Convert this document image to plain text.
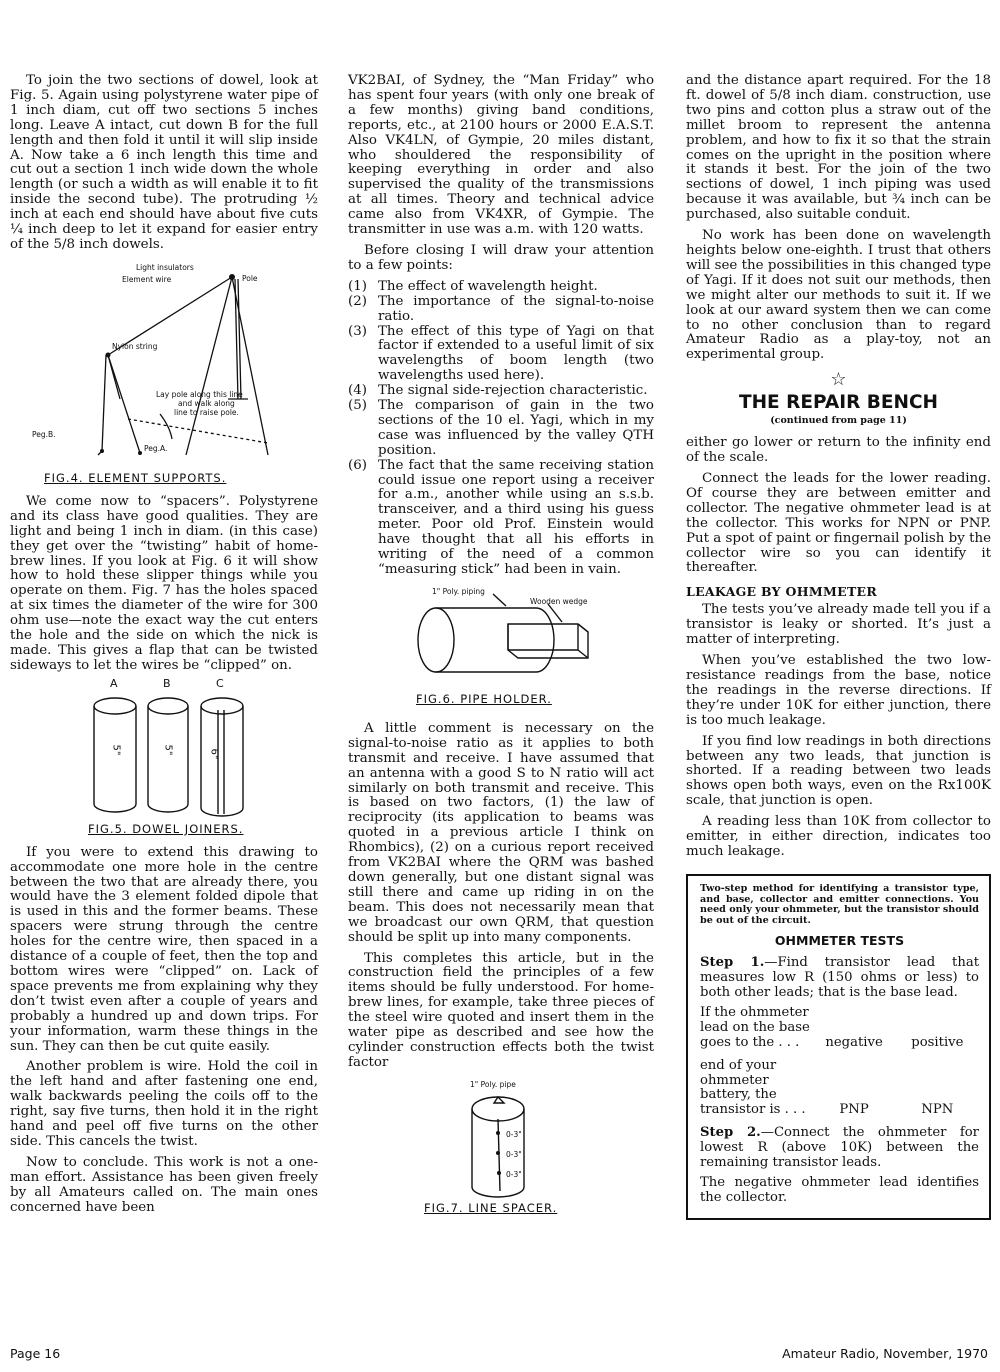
To join the two sections of dowel, look at Fig. 5. Again using polystyrene water pipe of 1 inch diam, cut off two sections 5 inches long. Leave A intact, cut down B for the full length and then fold it until it will slip inside A. Now take a 6 inch length this time and cut out a section 1 inch wide down the whole length (or such a width as will enable it to fit inside the second tube). The protruding ½ inch at each end should have about five cuts ¼ inch deep to let it expand for easier entry of the 5/8 inch dowels.

Light insulators
Element wire	Pole
Nylon string
Lay pole along this line
and walk along
line to raise pole.
Peg.B.
Peg.A.
FIG.4. ELEMENT SUPPORTS.

We come now to “spacers”. Polystyrene and its class have good qualities. They are light and being 1 inch in diam. (in this case) they get over the “twisting” habit of home-brew lines. If you look at Fig. 6 it will show how to hold these slipper things while you operate on them. Fig. 7 has the holes spaced at six times the diameter of the wire for 300 ohm use—note the exact way the cut enters the hole and the side on which the nick is made. This gives a flap that can be twisted sideways to let the wires be “clipped” on.

A	B	C
5"	5"	6"
FIG.5. DOWEL JOINERS.

If you were to extend this drawing to accommodate one more hole in the centre between the two that are already there, you would have the 3 element folded dipole that is used in this and the former beams. These spacers were strung through the centre holes for the centre wire, then spaced in a distance of a couple of feet, then the top and bottom wires were “clipped” on. Lack of space prevents me from explaining why they don’t twist even after a couple of years and probably a hundred up and down trips. For your information, warm these things in the sun. They can then be cut quite easily.

Another problem is wire. Hold the coil in the left hand and after fastening one end, walk backwards peeling the coils off to the right, say five turns, then hold it in the right hand and peel off five turns on the other side. This cancels the twist.

Now to conclude. This work is not a one-man effort. Assistance has been given freely by all Amateurs called on. The main ones concerned have been

VK2BAI, of Sydney, the “Man Friday” who has spent four years (with only one break of a few months) giving band conditions, reports, etc., at 2100 hours or 2000 E.A.S.T. Also VK4LN, of Gympie, 20 miles distant, who shouldered the responsibility of keeping everything in order and also supervised the quality of the transmissions at all times. Theory and technical advice came also from VK4XR, of Gympie. The transmitter in use was a.m. with 120 watts.

Before closing I will draw your attention to a few points:

(1) The effect of wavelength height.
(2) The importance of the signal-to-noise ratio.
(3) The effect of this type of Yagi on that factor if extended to a useful limit of six wavelengths of boom length (two wavelengths used here).
(4) The signal side-rejection characteristic.
(5) The comparison of gain in the two sections of the 10 el. Yagi, which in my case was influenced by the valley QTH position.
(6) The fact that the same receiving station could issue one report using a receiver for a.m., another while using an s.s.b. transceiver, and a third using his guess meter. Poor old Prof. Einstein would have thought that all his efforts in writing of the need of a common “measuring stick” had been in vain.
1" Poly. piping
Wooden wedge
FIG.6. PIPE HOLDER.

A little comment is necessary on the signal-to-noise ratio as it applies to both transmit and receive. I have assumed that an antenna with a good S to N ratio will act similarly on both transmit and receive. This is based on two factors, (1) the law of reciprocity (its application to beams was quoted in a previous article I think on Rhombics), (2) on a curious report received from VK2BAI where the QRM was bashed down generally, but one distant signal was still there and came up riding in on the beam. This does not necessarily mean that we broadcast our own QRM, that question should be split up into many components.

This completes this article, but in the construction field the principles of a few items should be fully understood. For home-brew lines, for example, take three pieces of the steel wire quoted and insert them in the water pipe as described and see how the cylinder construction effects both the twist factor

1" Poly. pipe
0-3"
0-3"
0-3"
FIG.7. LINE SPACER.

and the distance apart required. For the 18 ft. dowel of 5/8 inch diam. construction, use two pins and cotton plus a straw out of the millet broom to represent the antenna problem, and how to fix it so that the strain comes on the upright in the position where it stands it best. For the join of the two sections of dowel, 1 inch piping was used because it was available, but ¾ inch can be purchased, also suitable conduit.

No work has been done on wavelength heights below one-eighth. I trust that others will see the possibilities in this changed type of Yagi. If it does not suit our methods, then we might alter our methods to suit it. If we look at our award system then we can come to no other conclusion than to regard Amateur Radio as a play-toy, not an experimental group.

☆
THE REPAIR BENCH
(continued from page 11)

either go lower or return to the infinity end of the scale.

Connect the leads for the lower reading. Of course they are between emitter and collector. The negative ohmmeter lead is at the collector. This works for NPN or PNP. Put a spot of paint or fingernail polish by the collector wire so you can identify it thereafter.

LEAKAGE BY OHMMETER

The tests you’ve already made tell you if a transistor is leaky or shorted. It’s just a matter of interpreting.

When you’ve established the two low-resistance readings from the base, notice the readings in the reverse directions. If they’re under 10K for either junction, there is too much leakage.

If you find low readings in both directions between any two leads, that junction is shorted. If a reading between two leads shows open both ways, even on the Rx100K scale, that junction is open.

A reading less than 10K from collector to emitter, in either direction, indicates too much leakage.

Two-step method for identifying a transistor type, and base, collector and emitter connections. You need only your ohmmeter, but the transistor should be out of the circuit.
OHMMETER TESTS

Step 1.—Find transistor lead that measures low R (150 ohms or less) to both other leads; that is the base lead.

If the ohmmeter lead on the base goes to the . . .	negative	positive
end of your ohmmeter battery, the transistor is . . .	PNP	NPN

Step 2.—Connect the ohmmeter for lowest R (above 10K) between the remaining transistor leads.

The negative ohmmeter lead identifies the collector.

Page 16	Amateur Radio, November, 1970
